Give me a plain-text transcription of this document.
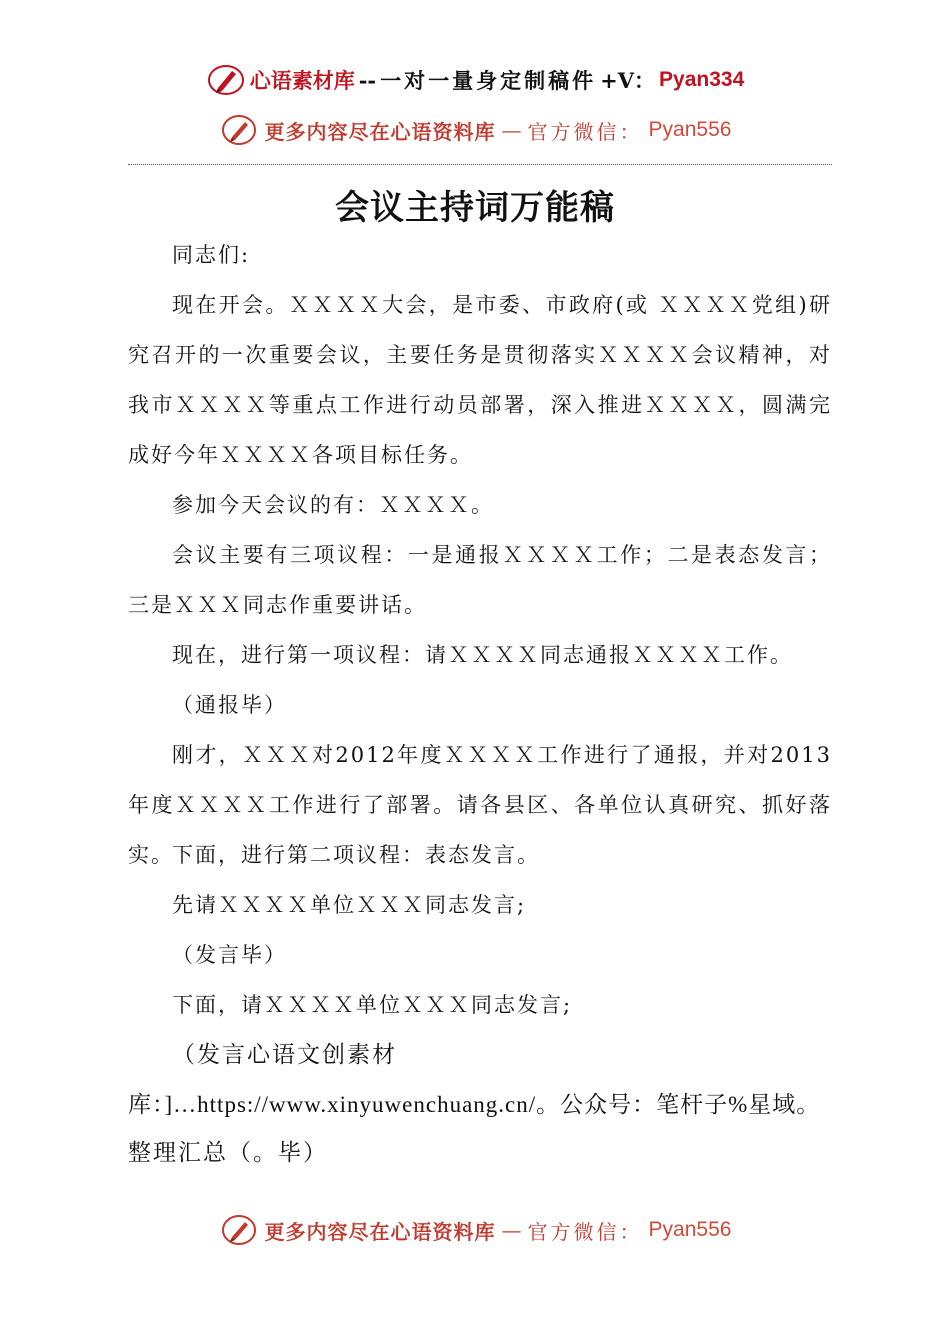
心语素材库 -- 一对一量身定制稿件 +V： Pyan334
更多内容尽在心语资料库 — 官方微信： Pyan556
会议主持词万能稿

同志们:

现在开会。ＸＸＸＸ大会，是市委、市政府(或 ＸＸＸＸ党组)研究召开的一次重要会议，主要任务是贯彻落实ＸＸＸＸ会议精神，对我市ＸＸＸＸ等重点工作进行动员部署，深入推进ＸＸＸＸ，圆满完成好今年ＸＸＸＸ各项目标任务。

参加今天会议的有：ＸＸＸＸ。

会议主要有三项议程：一是通报ＸＸＸＸ工作；二是表态发言；三是ＸＸＸ同志作重要讲话。

现在，进行第一项议程：请ＸＸＸＸ同志通报ＸＸＸＸ工作。

（通报毕）

刚才，ＸＸＸ对2012年度ＸＸＸＸ工作进行了通报，并对2013年度ＸＸＸＸ工作进行了部署。请各县区、各单位认真研究、抓好落实。

下面，进行第二项议程：表态发言。

先请ＸＸＸＸ单位ＸＸＸ同志发言;

（发言毕）

下面，请ＸＸＸＸ单位ＸＸＸ同志发言;

（发言心语文创素材

库：]…https://www.xinyuwenchuang.cn/。公众号：笔杆子%星域。

整理汇总（。毕）

更多内容尽在心语资料库 — 官方微信： Pyan556
